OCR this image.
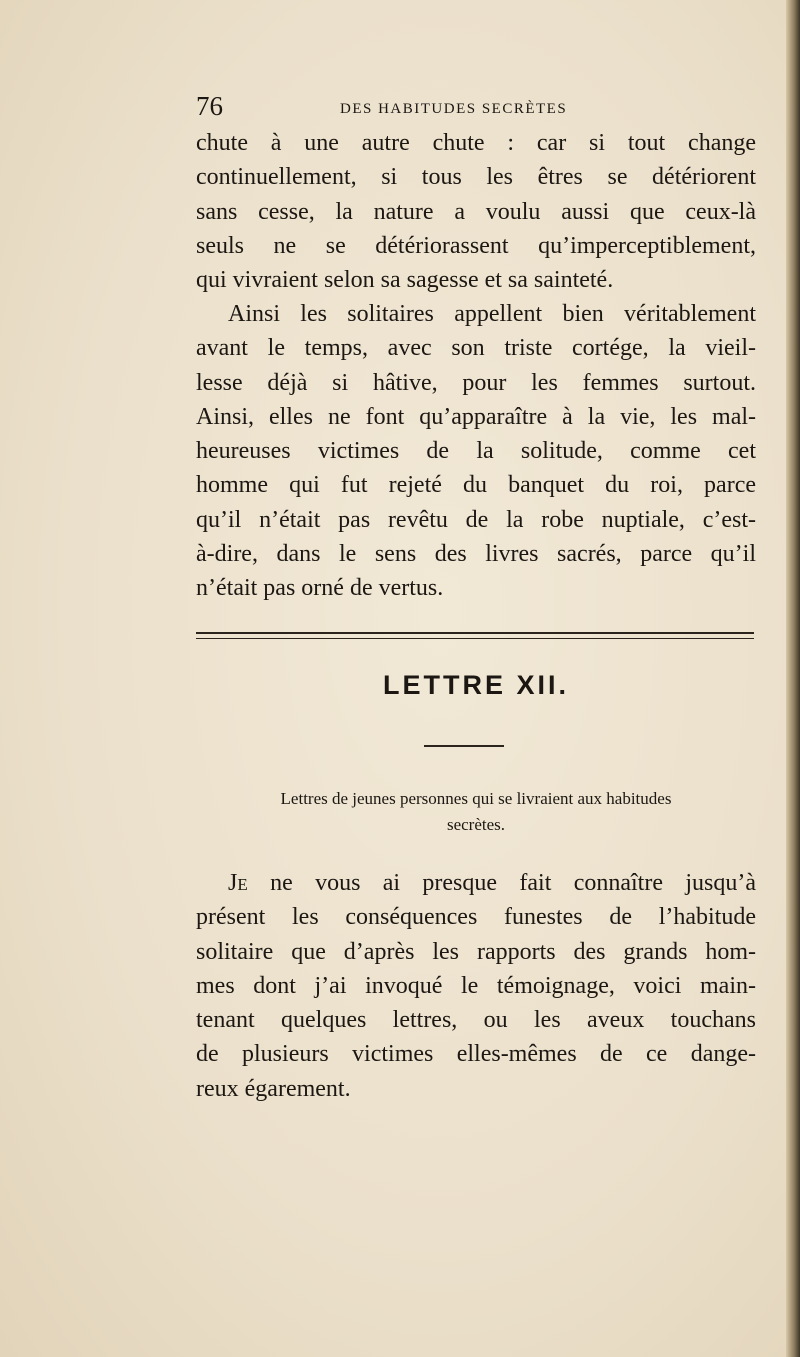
76	DES HABITUDES SECRÈTES
chute à une autre chute : car si tout change
continuellement, si tous les êtres se détériorent
sans cesse, la nature a voulu aussi que ceux-là
seuls ne se détériorassent qu’imperceptiblement,
qui vivraient selon sa sagesse et sa sainteté.
Ainsi les solitaires appellent bien véritablement
avant le temps, avec son triste cortége, la vieil-
lesse déjà si hâtive, pour les femmes surtout.
Ainsi, elles ne font qu’apparaître à la vie, les mal-
heureuses victimes de la solitude, comme cet
homme qui fut rejeté du banquet du roi, parce
qu’il n’était pas revêtu de la robe nuptiale, c’est-
à-dire, dans le sens des livres sacrés, parce qu’il
n’était pas orné de vertus.
LETTRE XII.
Lettres de jeunes personnes qui se livraient aux habitudes
secrètes.
Je ne vous ai presque fait connaître jusqu’à
présent les conséquences funestes de l’habitude
solitaire que d’après les rapports des grands hom-
mes dont j’ai invoqué le témoignage, voici main-
tenant quelques lettres, ou les aveux touchans
de plusieurs victimes elles-mêmes de ce dange-
reux égarement.
